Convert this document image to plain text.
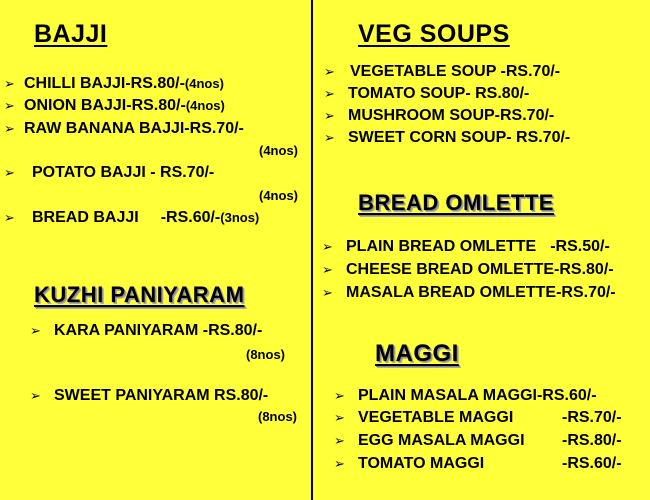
BAJJI
➢ CHILLI BAJJI-RS.80/-(4nos)
➢ ONION BAJJI-RS.80/-(4nos)
➢ RAW BANANA BAJJI-RS.70/-
(4nos)
➢ POTATO BAJJI - RS.70/-
(4nos)
➢ BREAD BAJJI -RS.60/-(3nos)
KUZHI PANIYARAM
➢ KARA PANIYARAM -RS.80/-
(8nos)
➢ SWEET PANIYARAM RS.80/-
(8nos)
VEG SOUPS
➢ VEGETABLE SOUP -RS.70/-
➢ TOMATO SOUP- RS.80/-
➢ MUSHROOM SOUP-RS.70/-
➢ SWEET CORN SOUP- RS.70/-
BREAD OMLETTE
➢ PLAIN BREAD OMLETTE -RS.50/-
➢ CHEESE BREAD OMLETTE-RS.80/-
➢ MASALA BREAD OMLETTE-RS.70/-
MAGGI
➢ PLAIN MASALA MAGGI-RS.60/-
➢ VEGETABLE MAGGI	-RS.70/-
➢ EGG MASALA MAGGI -RS.80/-
➢ TOMATO MAGGI	-RS.60/-
